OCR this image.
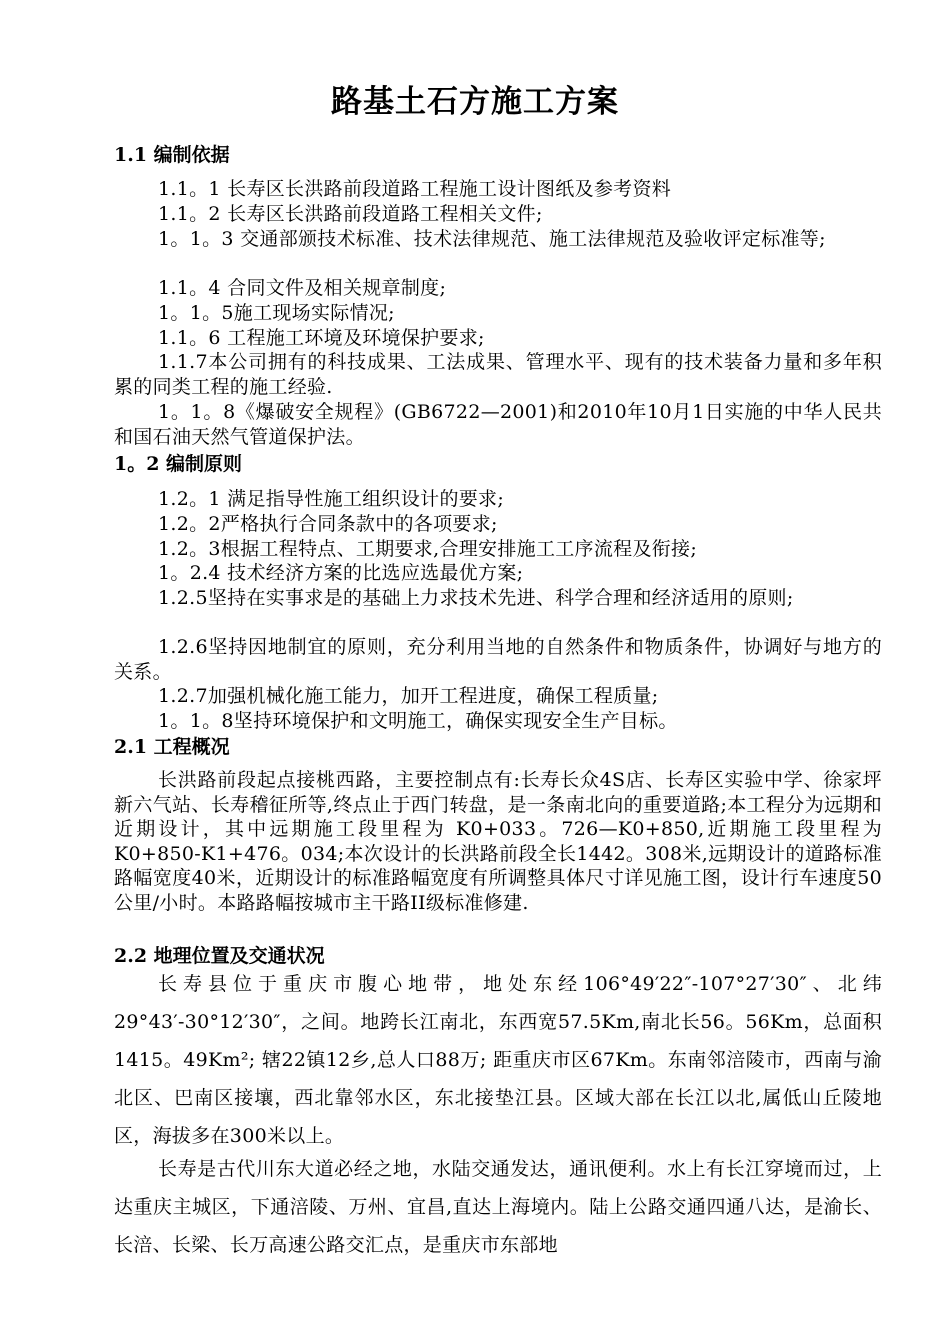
路基土石方施工方案
1.1 编制依据
1.1。1 长寿区长洪路前段道路工程施工设计图纸及参考资料
1.1。2 长寿区长洪路前段道路工程相关文件;
1。1。3 交通部颁技术标准、技术法律规范、施工法律规范及验收评定标准等;
1.1。4 合同文件及相关规章制度;
1。1。5施工现场实际情况;
1.1。6 工程施工环境及环境保护要求;
1.1.7本公司拥有的科技成果、工法成果、管理水平、现有的技术装备力量和多年积累的同类工程的施工经验.
1。1。8《爆破安全规程》(GB6722—2001)和2010年10月1日实施的中华人民共和国石油天然气管道保护法。
1。2 编制原则
1.2。1 满足指导性施工组织设计的要求;
1.2。2严格执行合同条款中的各项要求;
1.2。3根据工程特点、工期要求,合理安排施工工序流程及衔接;
1。2.4 技术经济方案的比选应选最优方案;
1.2.5坚持在实事求是的基础上力求技术先进、科学合理和经济适用的原则;
1.2.6坚持因地制宜的原则，充分利用当地的自然条件和物质条件，协调好与地方的关系。
1.2.7加强机械化施工能力，加开工程进度，确保工程质量;
1。1。8坚持环境保护和文明施工，确保实现安全生产目标。
2.1 工程概况
长洪路前段起点接桃西路，主要控制点有:长寿长众4S店、长寿区实验中学、徐家坪新六气站、长寿稽征所等,终点止于西门转盘，是一条南北向的重要道路;本工程分为远期和近期设计，其中远期施工段里程为 K0+033。726—K0+850,近期施工段里程为 K0+850-K1+476。034;本次设计的长洪路前段全长1442。308米,远期设计的道路标准路幅宽度40米，近期设计的标准路幅宽度有所调整具体尺寸详见施工图，设计行车速度50公里/小时。本路路幅按城市主干路II级标准修建.
2.2 地理位置及交通状况
长寿县位于重庆市腹心地带，地处东经106°49′22″-107°27′30″、北纬29°43′-30°12′30″，之间。地跨长江南北，东西宽57.5Km,南北长56。56Km，总面积1415。49Km²; 辖22镇12乡,总人口88万; 距重庆市区67Km。东南邻涪陵市，西南与渝北区、巴南区接壤，西北靠邻水区，东北接垫江县。区域大部在长江以北,属低山丘陵地区，海拔多在300米以上。
长寿是古代川东大道必经之地，水陆交通发达，通讯便利。水上有长江穿境而过，上达重庆主城区，下通涪陵、万州、宜昌,直达上海境内。陆上公路交通四通八达，是渝长、长涪、长梁、长万高速公路交汇点，是重庆市东部地
